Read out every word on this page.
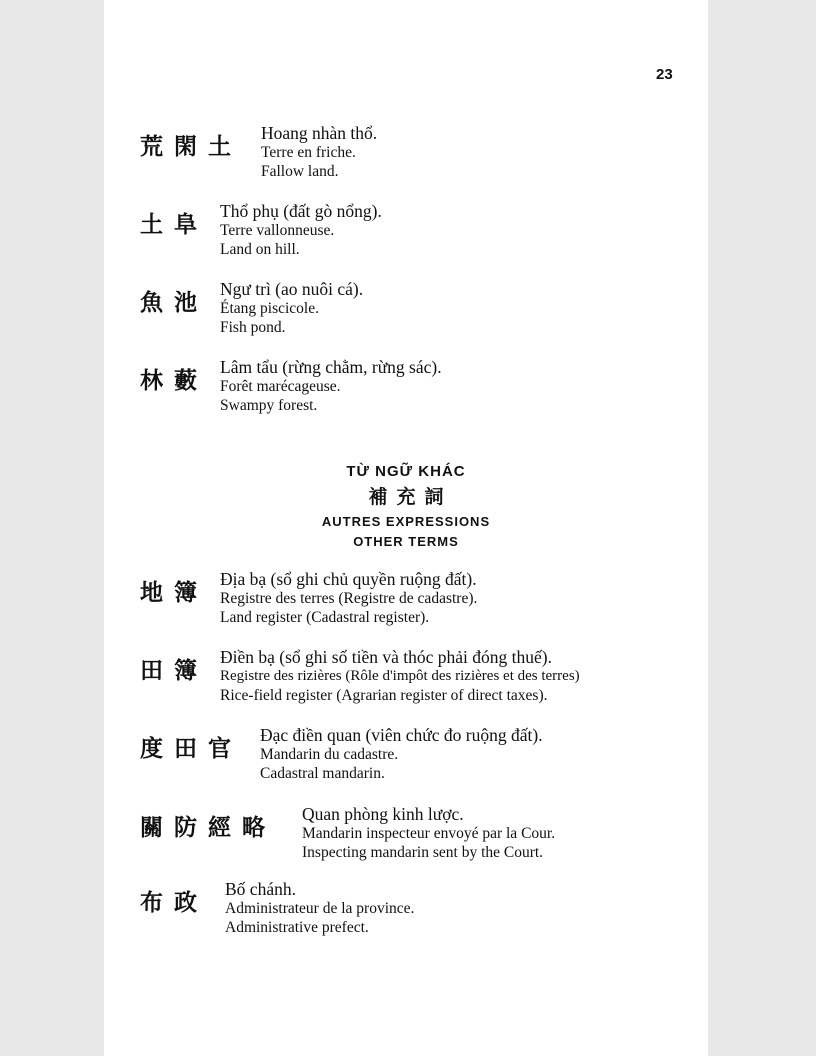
23
荒閑土
Hoang nhàn thổ.
Terre en friche.
Fallow land.
土阜
Thổ phụ (đất gò nổng).
Terre vallonneuse.
Land on hill.
魚池
Ngư trì (ao nuôi cá).
Étang piscicole.
Fish pond.
林藪
Lâm tẩu (rừng chằm, rừng sác).
Forêt marécageuse.
Swampy forest.
TỪ NGỮ KHÁC
補充詞
AUTRES EXPRESSIONS
OTHER TERMS
地簿
Địa bạ (sổ ghi chủ quyền ruộng đất).
Registre des terres (Registre de cadastre).
Land register (Cadastral register).
田簿
Điền bạ (sổ ghi số tiền và thóc phải đóng thuế).
Registre des rizières (Rôle d'impôt des rizières et des terres)
Rice-field register (Agrarian register of direct taxes).
度田官
Đạc điền quan (viên chức đo ruộng đất).
Mandarin du cadastre.
Cadastral mandarin.
關防經略
Quan phòng kinh lược.
Mandarin inspecteur envoyé par la Cour.
Inspecting mandarin sent by the Court.
布政
Bố chánh.
Administrateur de la province.
Administrative prefect.
